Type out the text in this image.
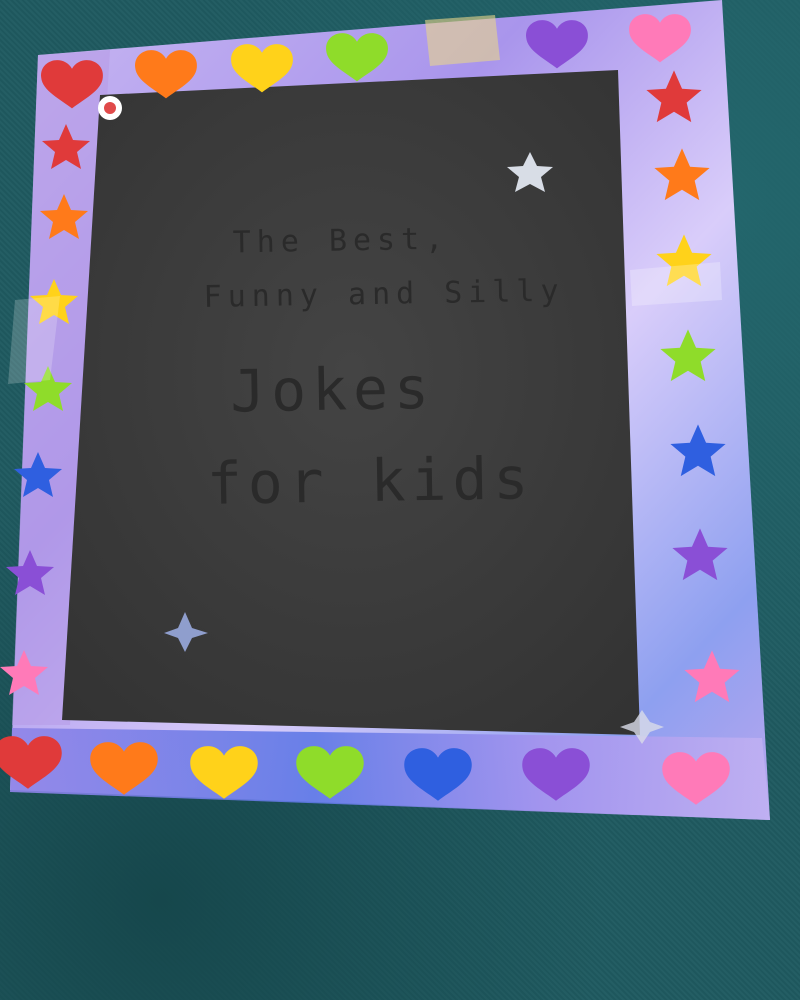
The Best,
Funny and Silly
Jokes
for kids
